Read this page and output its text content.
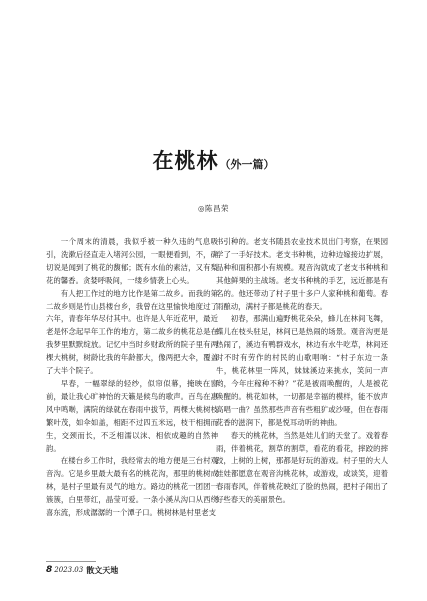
在桃林（外一篇）
◎陈昌荣

一个周末的清晨，我似乎被一种久违的气息吸引，洗漱后径直走入堵河公园，一眼便看到，不，确切说是闻到了桃花的馥郁；既有水仙的素洁，又有梨花的馨香。贪婪呼吸间，一缕乡情袭上心头。

有人把工作过的地方比作是第二故乡。而我的第二故乡则是竹山县楼台乡，我曾在这里愉快地度过了六年，青春年华尽付其中。也许是人年近花甲，最近老是怀念起早年工作的地方，第二故乡的桃花总是在我梦里默默绽放。记忆中当时乡财政所的院子里有两棵大桃树，树龄比我的年龄都大，像两把大伞，覆盖了大半个院子。

早春，一幅翠绿的轻纱，似帘似幕，掩映在窗前，最让我心旷神怡的天籁是候鸟的歌声。百鸟在惠风中鸣啭，满院的绿就在春雨中拔节，两棵大桃树枝繁叶茂，如伞如盖，相距不过四五米远，枝干相拥而生，交颈而长，不乏相濡以沫、相依成趣的自然神韵。

在楼台乡工作时，我经常去的地方便是三台村观音沟。它是乡里最大最有名的桃花沟，那里的桃树成林，是村子里最有灵气的地方。路边的桃花一团团一簇簇，白里带红，晶莹可爱。一条小溪从沟口从西绕喜东流，形成潺潺的一个潭子口。桃树林是村里老支

书引种的。老支书随县农业技术员出门考察，在果园学了一手好技术。老支书种桃，边种边嫁接边扩展，品种和面积都小有规模。观音沟就成了老支书种桃和其他鲜果的主战场。老支书种桃的手艺，远近都是有名的。他还带动了村子里十多户人家种桃和葡萄。春雨酿动，满村子都是桃花的春天。

初春，那满山遍野桃花朵朵，蜂儿在林间飞舞，蝶儿在枝头驻足，林间已是热闹的场景。观音沟更是热闹了，溪边有鸭群戏水，林边有水牛吃草，林间还时不时有劳作的村民的山歌唱响：“村子东边一条牛，桃花林里一阵风，妹妹溪边来挑水，笑问一声哟，今年庄稼种不种？”花是被雨唤醒的，人是被花唤醒的。桃花如林，一切都是幸福的模样，能不放声高唱一曲？虽然那些声音有些粗犷或沙哑，但在春雨花香的滋润下，都是悦耳动听的神曲。

春天的桃花林，当然是娃儿们的天堂了。戏着春雨，伴着桃花，割草的割草，看花的看花，摔跤的摔跤，上树的上树，那都是好玩的游戏。村子里的大人娃娃都愿意在观音沟桃花林，或游戏，或谈笑，迎着春雨春风，伴着桃花映红了脸的热闹，把村子闹出了好些春天的美丽景色。

8 2023.03 散文天地
